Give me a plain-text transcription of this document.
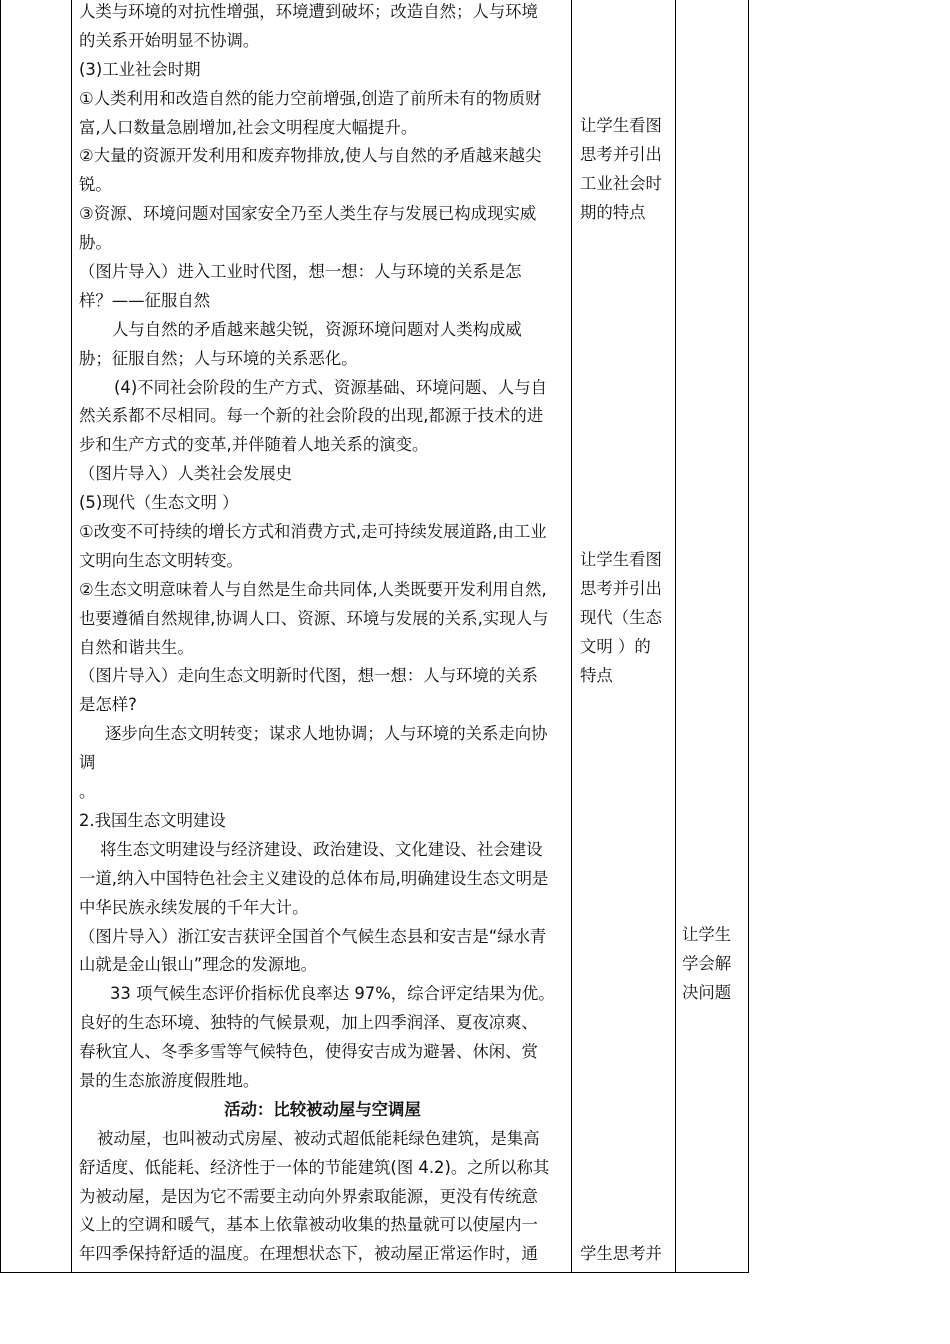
人类与环境的对抗性增强，环境遭到破坏；改造自然；人与环境
的关系开始明显不协调。
(3)工业社会时期
①人类利用和改造自然的能力空前增强,创造了前所未有的物质财
富,人口数量急剧增加,社会文明程度大幅提升。
②大量的资源开发利用和废弃物排放,使人与自然的矛盾越来越尖
锐。
③资源、环境问题对国家安全乃至人类生存与发展已构成现实威
胁。
（图片导入）进入工业时代图，想一想：人与环境的关系是怎
样？——征服自然
人与自然的矛盾越来越尖锐，资源环境问题对人类构成威
胁；征服自然；人与环境的关系恶化。
(4)不同社会阶段的生产方式、资源基础、环境问题、人与自
然关系都不尽相同。每一个新的社会阶段的出现,都源于技术的进
步和生产方式的变革,并伴随着人地关系的演变。
（图片导入）人类社会发展史
(5)现代（生态文明 ）
①改变不可持续的增长方式和消费方式,走可持续发展道路,由工业
文明向生态文明转变。
②生态文明意味着人与自然是生命共同体,人类既要开发利用自然,
也要遵循自然规律,协调人口、资源、环境与发展的关系,实现人与
自然和谐共生。
（图片导入）走向生态文明新时代图，想一想：人与环境的关系
是怎样?
逐步向生态文明转变；谋求人地协调；人与环境的关系走向协
调
。
2.我国生态文明建设
将生态文明建设与经济建设、政治建设、文化建设、社会建设
一道,纳入中国特色社会主义建设的总体布局,明确建设生态文明是
中华民族永续发展的千年大计。
（图片导入）浙江安吉获评全国首个气候生态县和安吉是“绿水青
山就是金山银山”理念的发源地。
33 项气候生态评价指标优良率达 97%，综合评定结果为优。
良好的生态环境、独特的气候景观，加上四季润泽、夏夜凉爽、
春秋宜人、冬季多雪等气候特色，使得安吉成为避暑、休闲、赏
景的生态旅游度假胜地。
活动：比较被动屋与空调屋
被动屋，也叫被动式房屋、被动式超低能耗绿色建筑，是集高
舒适度、低能耗、经济性于一体的节能建筑(图 4.2)。之所以称其
为被动屋，是因为它不需要主动向外界索取能源，更没有传统意
义上的空调和暖气，基本上依靠被动收集的热量就可以使屋内一
年四季保持舒适的温度。在理想状态下，被动屋正常运作时，通
让学生看图
思考并引出
工业社会时
期的特点
让学生看图
思考并引出
现代（生态
文明 ）的
特点
学生思考并
让学生
学会解
决问题
